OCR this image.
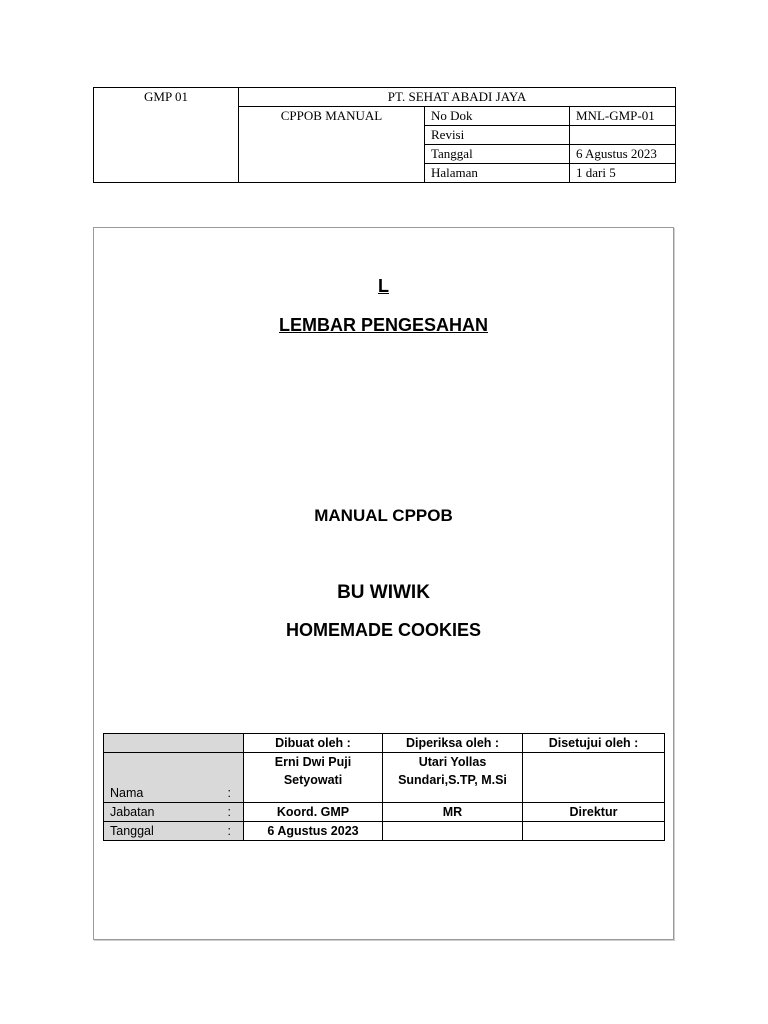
GMP 01	PT. SEHAT ABADI JAYA		
	CPPOB MANUAL	No Dok	MNL-GMP-01
		Revisi	
		Tanggal	6 Agustus 2023
		Halaman	1 dari 5
L
LEMBAR PENGESAHAN
MANUAL CPPOB
BU WIWIK
HOMEMADE COOKIES
	Dibuat oleh :	Diperiksa oleh :	Disetujui oleh :
Nama :	Erni Dwi Puji Setyowati	Utari Yollas Sundari,S.TP, M.Si	
Jabatan :	Koord. GMP	MR	Direktur
Tanggal :	6 Agustus 2023		
